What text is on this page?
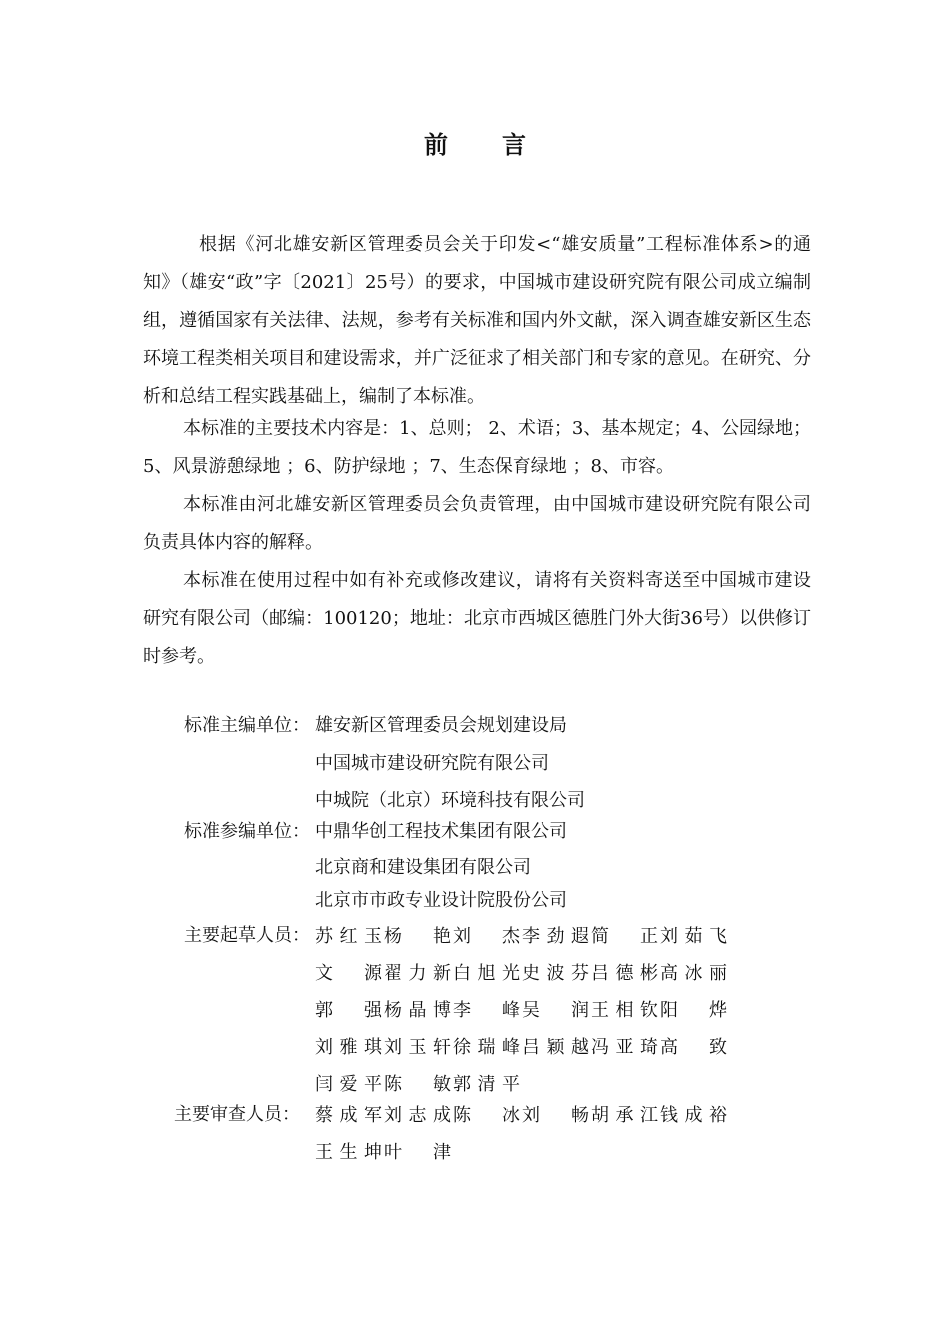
前言

根据《河北雄安新区管理委员会关于印发<“雄安质量”工程标准体系>的通知》（雄安“政”字〔2021〕25号）的要求，中国城市建设研究院有限公司成立编制组，遵循国家有关法律、法规，参考有关标准和国内外文献，深入调查雄安新区生态环境工程类相关项目和建设需求，并广泛征求了相关部门和专家的意见。在研究、分析和总结工程实践基础上，编制了本标准。

本标准的主要技术内容是：1、总则； 2、术语；3、基本规定；4、公园绿地；5、风景游憩绿地 ；6、防护绿地 ；7、生态保育绿地 ；8、市容。

本标准由河北雄安新区管理委员会负责管理，由中国城市建设研究院有限公司负责具体内容的解释。

本标准在使用过程中如有补充或修改建议，请将有关资料寄送至中国城市建设研究有限公司（邮编：100120；地址：北京市西城区德胜门外大街36号）以供修订时参考。

标准主编单位： 雄安新区管理委员会规划建设局
中国城市建设研究院有限公司
中城院（北京）环境科技有限公司
标准参编单位： 中鼎华创工程技术集团有限公司
北京商和建设集团有限公司
北京市市政专业设计院股份公司
主要起草人员： 苏红玉 杨　艳 刘　杰 李劲遐 简　正 刘茹飞
文　源 翟力新 白旭光 史波芬 吕德彬 高冰丽
郭　强 杨晶博 李　峰 吴　润 王相钦 阳　烨
刘雅琪 刘玉轩 徐瑞峰 吕颖越 冯亚琦 高　致
闫爱平 陈　敏 郭清平
主要审查人员： 蔡成军 刘志成 陈　冰 刘　畅 胡承江 钱成裕
王生坤 叶　津
